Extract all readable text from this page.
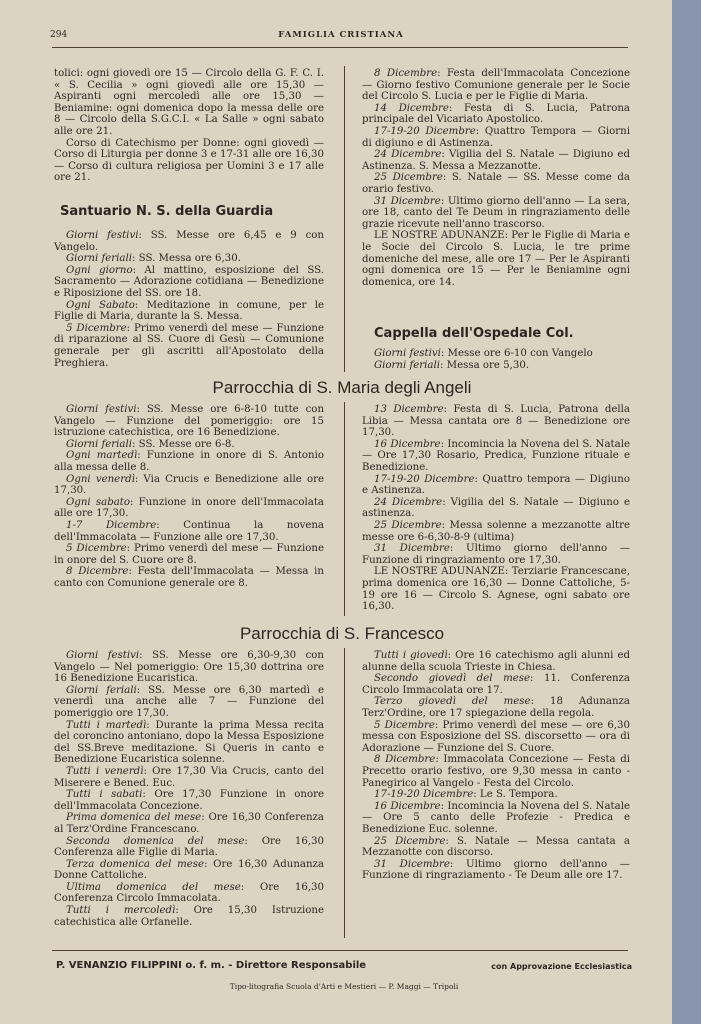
294	FAMIGLIA CRISTIANA

tolici: ogni giovedì ore 15 — Circolo della G. F. C. I. « S. Cecilia » ogni giovedì alle ore 15,30 — Aspiranti ogni mercoledì alle ore 15,30 — Beniamine: ogni domenica dopo la messa delle ore 8 — Circolo della S.G.C.I. « La Salle » ogni sabato alle ore 21.

Corso di Catechismo per Donne: ogni giovedì — Corso di Liturgia per donne 3 e 17-31 alle ore 16,30 — Corso di cultura religiosa per Uomini 3 e 17 alle ore 21.

Santuario N. S. della Guardia

Giorni festivi: SS. Messe ore 6,45 e 9 con Vangelo.

Giorni feriali: SS. Messa ore 6,30.

Ogni giorno: Al mattino, esposizione del SS. Sacramento — Adorazione cotidiana — Benedizione e Riposizione del SS. ore 18.

Ogni Sabato: Meditazione in comune, per le Figlie di Maria, durante la S. Messa.

5 Dicembre: Primo venerdì del mese — Funzione di riparazione al SS. Cuore di Gesù — Comunione generale per gli ascritti all'Apostolato della Preghiera.

8 Dicembre: Festa dell'Immacolata Concezione — Giorno festivo Comunione generale per le Socie del Circolo S. Lucia e per le Figlie di Maria.

14 Dicembre: Festa di S. Lucia, Patrona principale del Vicariato Apostolico.

17-19-20 Dicembre: Quattro Tempora — Giorni di digiuno e di Astinenza.

24 Dicembre: Vigilia del S. Natale — Digiuno ed Astinenza. S. Messa a Mezzanotte.

25 Dicembre: S. Natale — SS. Messe come da orario festivo.

31 Dicembre: Ultimo giorno dell'anno — La sera, ore 18, canto del Te Deum in ringraziamento delle grazie ricevute nell'anno trascorso.

LE NOSTRE ADUNANZE: Per le Figlie di Maria e le Socie del Circolo S. Lucia, le tre prime domeniche del mese, alle ore 17 — Per le Aspiranti ogni domenica ore 15 — Per le Beniamine ogni domenica, ore 14.

Cappella dell'Ospedale Col.

Giorni festivi: Messe ore 6-10 con Vangelo

Giorni feriali: Messa ore 5,30.

Parrocchia di S. Maria degli Angeli

Giorni festivi: SS. Messe ore 6-8-10 tutte con Vangelo — Funzione del pomeriggio: ore 15 istruzione catechistica, ore 16 Benedizione.

Giorni feriali: SS. Messe ore 6-8.

Ogni martedì: Funzione in onore di S. Antonio alla messa delle 8.

Ogni venerdì: Via Crucis e Benedizione alle ore 17,30.

Ogni sabato: Funzione in onore dell'Immacolata alle ore 17,30.

1-7 Dicembre: Continua la novena dell'Immacolata — Funzione alle ore 17,30.

5 Dicembre: Primo venerdì del mese — Funzione in onore del S. Cuore ore 8.

8 Dicembre: Festa dell'Immacolata — Messa in canto con Comunione generale ore 8.

13 Dicembre: Festa di S. Lucia, Patrona della Libia — Messa cantata ore 8 — Benedizione ore 17,30.

16 Dicembre: Incomincia la Novena del S. Natale — Ore 17,30 Rosario, Predica, Funzione rituale e Benedizione.

17-19-20 Dicembre: Quattro tempora — Digiuno e Astinenza.

24 Dicembre: Vigilia del S. Natale — Digiuno e astinenza.

25 Dicembre: Messa solenne a mezzanotte altre messe ore 6-6,30-8-9 (ultima)

31 Dicembre: Ultimo giorno dell'anno — Funzione di ringraziamento ore 17,30.

LE NOSTRE ADUNANZE: Terziarie Francescane, prima domenica ore 16,30 — Donne Cattoliche, 5-19 ore 16 — Circolo S. Agnese, ogni sabato ore 16,30.

Parrocchia di S. Francesco

Giorni festivi: SS. Messe ore 6,30-9,30 con Vangelo — Nel pomeriggio: Ore 15,30 dottrina ore 16 Benedizione Eucaristica.

Giorni feriali: SS. Messe ore 6,30 martedì e venerdì una anche alle 7 — Funzione del pomeriggio ore 17,30.

Tutti i martedì: Durante la prima Messa recita del coroncino antoniano, dopo la Messa Esposizione del SS.Breve meditazione. Si Queris in canto e Benedizione Eucaristica solenne.

Tutti i venerdì: Ore 17,30 Via Crucis, canto del Miserere e Bened. Euc.

Tutti i sabati: Ore 17,30 Funzione in onore dell'Immacolata Concezione.

Prima domenica del mese: Ore 16,30 Conferenza al Terz'Ordine Francescano.

Seconda domenica del mese: Ore 16,30 Conferenza alle Figlie di Maria.

Terza domenica del mese: Ore 16,30 Adunanza Donne Cattoliche.

Ultima domenica del mese: Ore 16,30 Conferenza Circolo Immacolata.

Tutti i mercoledì: Ore 15,30 Istruzione catechistica alle Orfanelle.

Tutti i giovedì: Ore 16 catechismo agli alunni ed alunne della scuola Trieste in Chiesa.

Secondo giovedì del mese: 11. Conferenza Circolo Immacolata ore 17.

Terzo giovedì del mese: 18 Adunanza Terz'Ordine, ore 17 spiegazione della regola.

5 Dicembre: Primo venerdì del mese — ore 6,30 messa con Esposizione del SS. discorsetto — ora di Adorazione — Funzione del S. Cuore.

8 Dicembre: Immacolata Concezione — Festa di Precetto orario festivo, ore 9,30 messa in canto - Panegirico al Vangelo - Festa del Circolo.

17-19-20 Dicembre: Le S. Tempora.

16 Dicembre: Incomincia la Novena del S. Natale — Ore 5 canto delle Profezie - Predica e Benedizione Euc. solenne.

25 Dicembre: S. Natale — Messa cantata a Mezzanotte con discorso.

31 Dicembre: Ultimo giorno dell'anno — Funzione di ringraziamento - Te Deum alle ore 17.

P. VENANZIO FILIPPINI o. f. m. - Direttore Responsabile	con Approvazione Ecclesiastica
Tipo-litografia Scuola d'Arti e Mestieri — P. Maggi — Tripoli
